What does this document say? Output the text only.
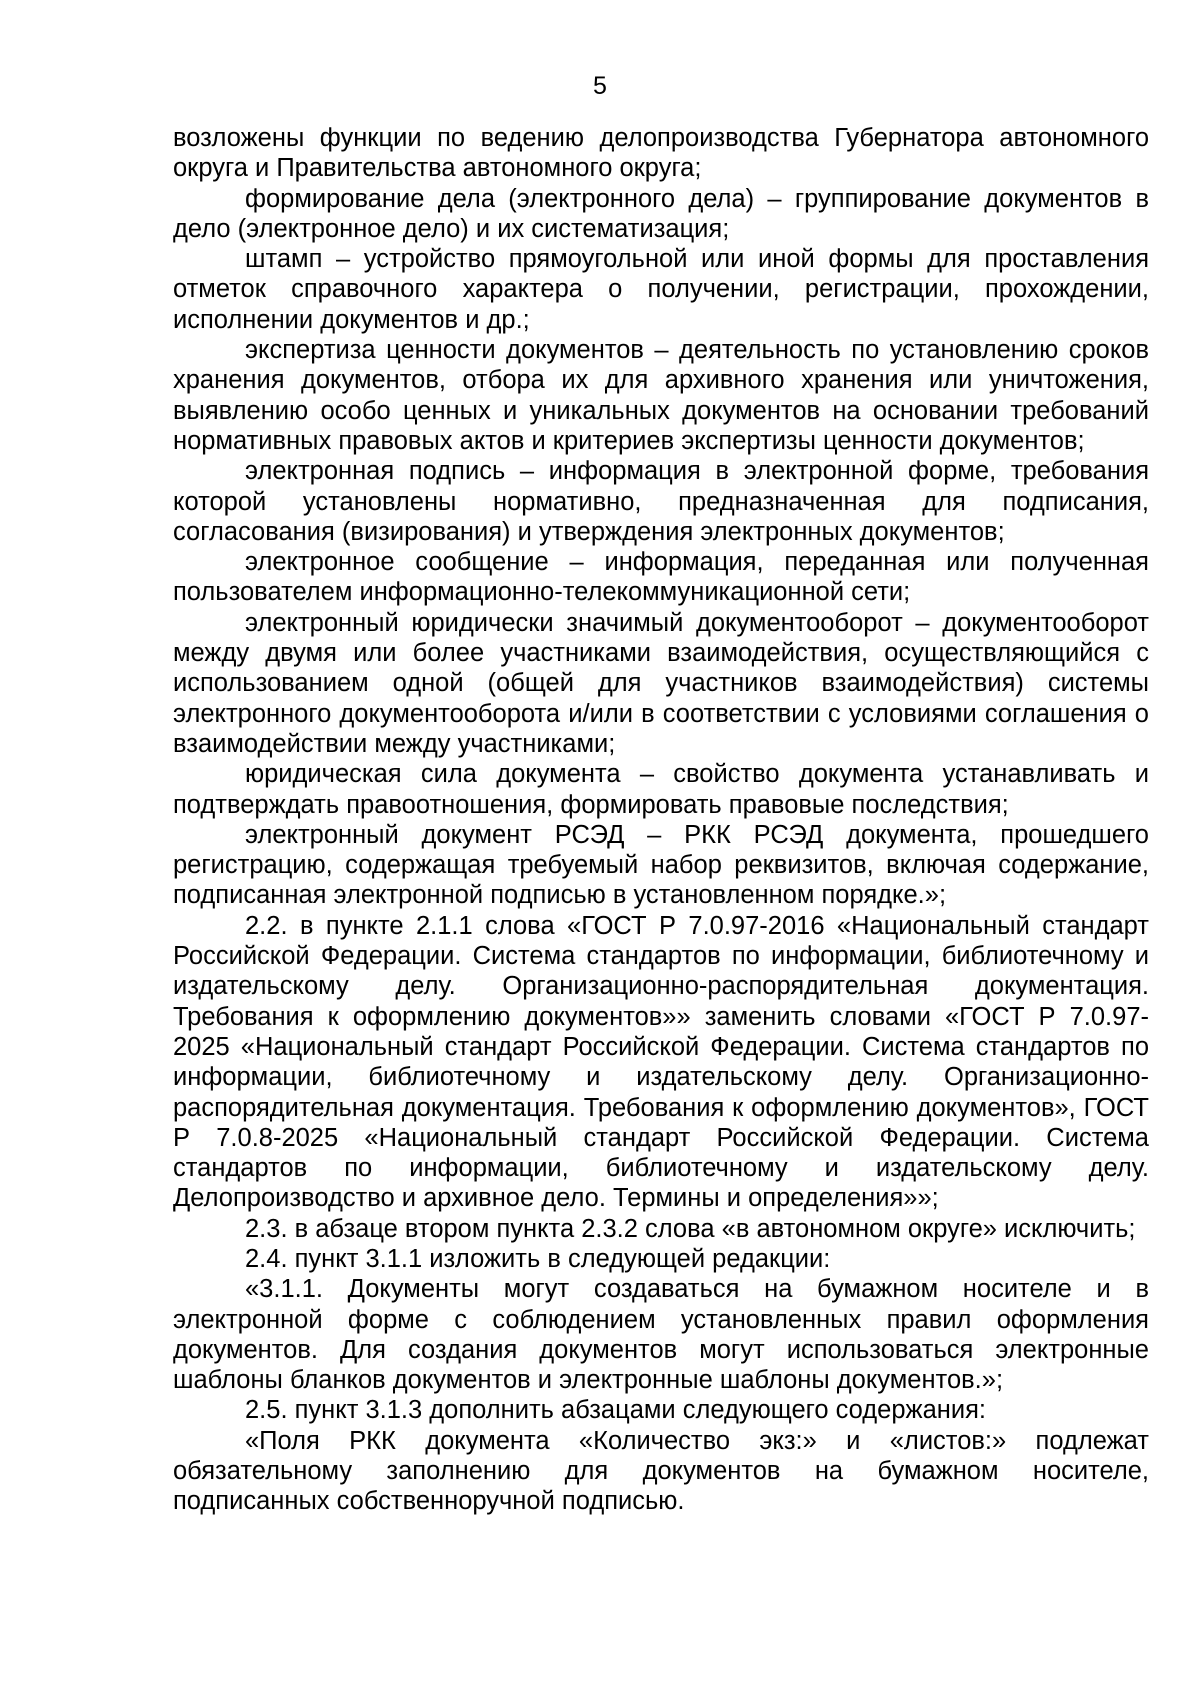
5

возложены функции по ведению делопроизводства Губернатора автономного округа и Правительства автономного округа;

формирование дела (электронного дела) – группирование документов в дело (электронное дело) и их систематизация;

штамп – устройство прямоугольной или иной формы для проставления отметок справочного характера о получении, регистрации, прохождении, исполнении документов и др.;

экспертиза ценности документов – деятельность по установлению сроков хранения документов, отбора их для архивного хранения или уничтожения, выявлению особо ценных и уникальных документов на основании требований нормативных правовых актов и критериев экспертизы ценности документов;

электронная подпись – информация в электронной форме, требования которой установлены нормативно, предназначенная для подписания, согласования (визирования) и утверждения электронных документов;

электронное сообщение – информация, переданная или полученная пользователем информационно-телекоммуникационной сети;

электронный юридически значимый документооборот – документооборот между двумя или более участниками взаимодействия, осуществляющийся с использованием одной (общей для участников взаимодействия) системы электронного документооборота и/или в соответствии с условиями соглашения о взаимодействии между участниками;

юридическая сила документа – свойство документа устанавливать и подтверждать правоотношения, формировать правовые последствия;

электронный документ РСЭД – РКК РСЭД документа, прошедшего регистрацию, содержащая требуемый набор реквизитов, включая содержание, подписанная электронной подписью в установленном порядке.»;

2.2. в пункте 2.1.1 слова «ГОСТ Р 7.0.97-2016 «Национальный стандарт Российской Федерации. Система стандартов по информации, библиотечному и издательскому делу. Организационно-распорядительная документация. Требования к оформлению документов»» заменить словами «ГОСТ Р 7.0.97-2025 «Национальный стандарт Российской Федерации. Система стандартов по информации, библиотечному и издательскому делу. Организационно-распорядительная документация. Требования к оформлению документов», ГОСТ Р 7.0.8-2025 «Национальный стандарт Российской Федерации. Система стандартов по информации, библиотечному и издательскому делу. Делопроизводство и архивное дело. Термины и определения»»;

2.3. в абзаце втором пункта 2.3.2 слова «в автономном округе» исключить;

2.4. пункт 3.1.1 изложить в следующей редакции:

«3.1.1. Документы могут создаваться на бумажном носителе и в электронной форме с соблюдением установленных правил оформления документов. Для создания документов могут использоваться электронные шаблоны бланков документов и электронные шаблоны документов.»;

2.5. пункт 3.1.3 дополнить абзацами следующего содержания:

«Поля РКК документа «Количество экз:» и «листов:» подлежат обязательному заполнению для документов на бумажном носителе, подписанных собственноручной подписью.
